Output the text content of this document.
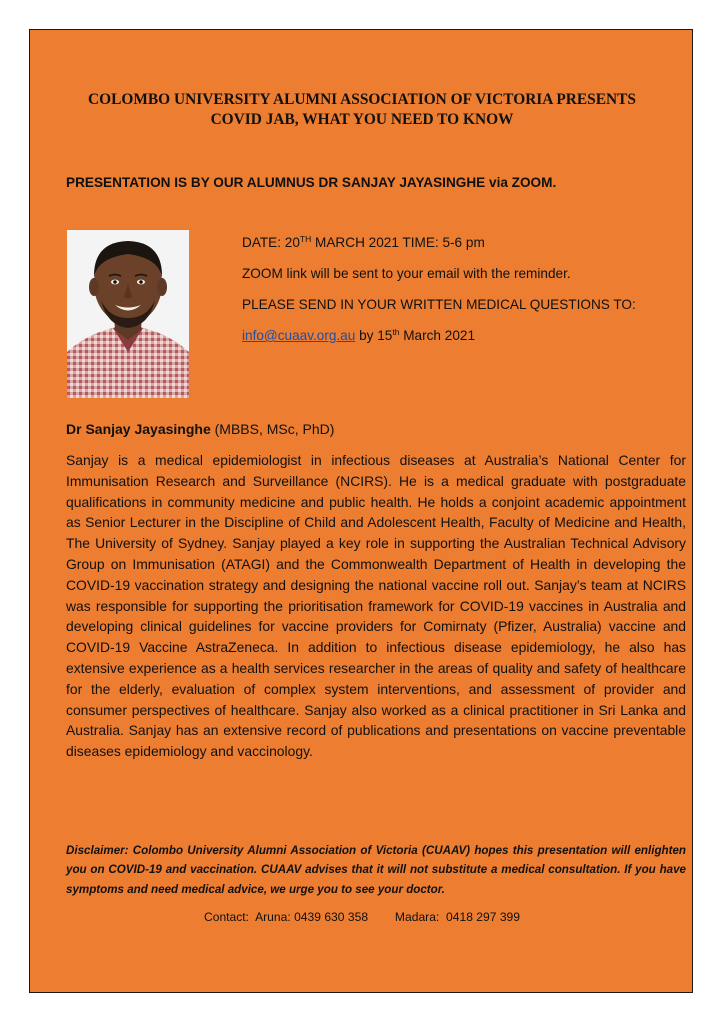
COLOMBO UNIVERSITY ALUMNI ASSOCIATION OF VICTORIA PRESENTS
COVID JAB, WHAT YOU NEED TO KNOW
PRESENTATION IS BY OUR ALUMNUS DR SANJAY JAYASINGHE via ZOOM.
DATE: 20TH MARCH 2021 TIME: 5-6 pm
ZOOM link will be sent to your email with the reminder.
PLEASE SEND IN YOUR WRITTEN MEDICAL QUESTIONS TO:
info@cuaav.org.au by 15th March 2021
Dr Sanjay Jayasinghe (MBBS, MSc, PhD)

Sanjay is a medical epidemiologist in infectious diseases at Australia’s National Center for Immunisation Research and Surveillance (NCIRS). He is a medical graduate with postgraduate qualifications in community medicine and public health. He holds a conjoint academic appointment as Senior Lecturer in the Discipline of Child and Adolescent Health, Faculty of Medicine and Health, The University of Sydney. Sanjay played a key role in supporting the Australian Technical Advisory Group on Immunisation (ATAGI) and the Commonwealth Department of Health in developing the COVID-19 vaccination strategy and designing the national vaccine roll out. Sanjay’s team at NCIRS was responsible for supporting the prioritisation framework for COVID-19 vaccines in Australia and developing clinical guidelines for vaccine providers for Comirnaty (Pfizer, Australia) vaccine and COVID-19 Vaccine AstraZeneca. In addition to infectious disease epidemiology, he also has extensive experience as a health services researcher in the areas of quality and safety of healthcare for the elderly, evaluation of complex system interventions, and assessment of provider and consumer perspectives of healthcare. Sanjay also worked as a clinical practitioner in Sri Lanka and Australia. Sanjay has an extensive record of publications and presentations on vaccine preventable diseases epidemiology and vaccinology.

Disclaimer: Colombo University Alumni Association of Victoria (CUAAV) hopes this presentation will enlighten you on COVID-19 and vaccination. CUAAV advises that it will not substitute a medical consultation. If you have symptoms and need medical advice, we urge you to see your doctor.

Contact:  Aruna: 0439 630 358        Madara:  0418 297 399
